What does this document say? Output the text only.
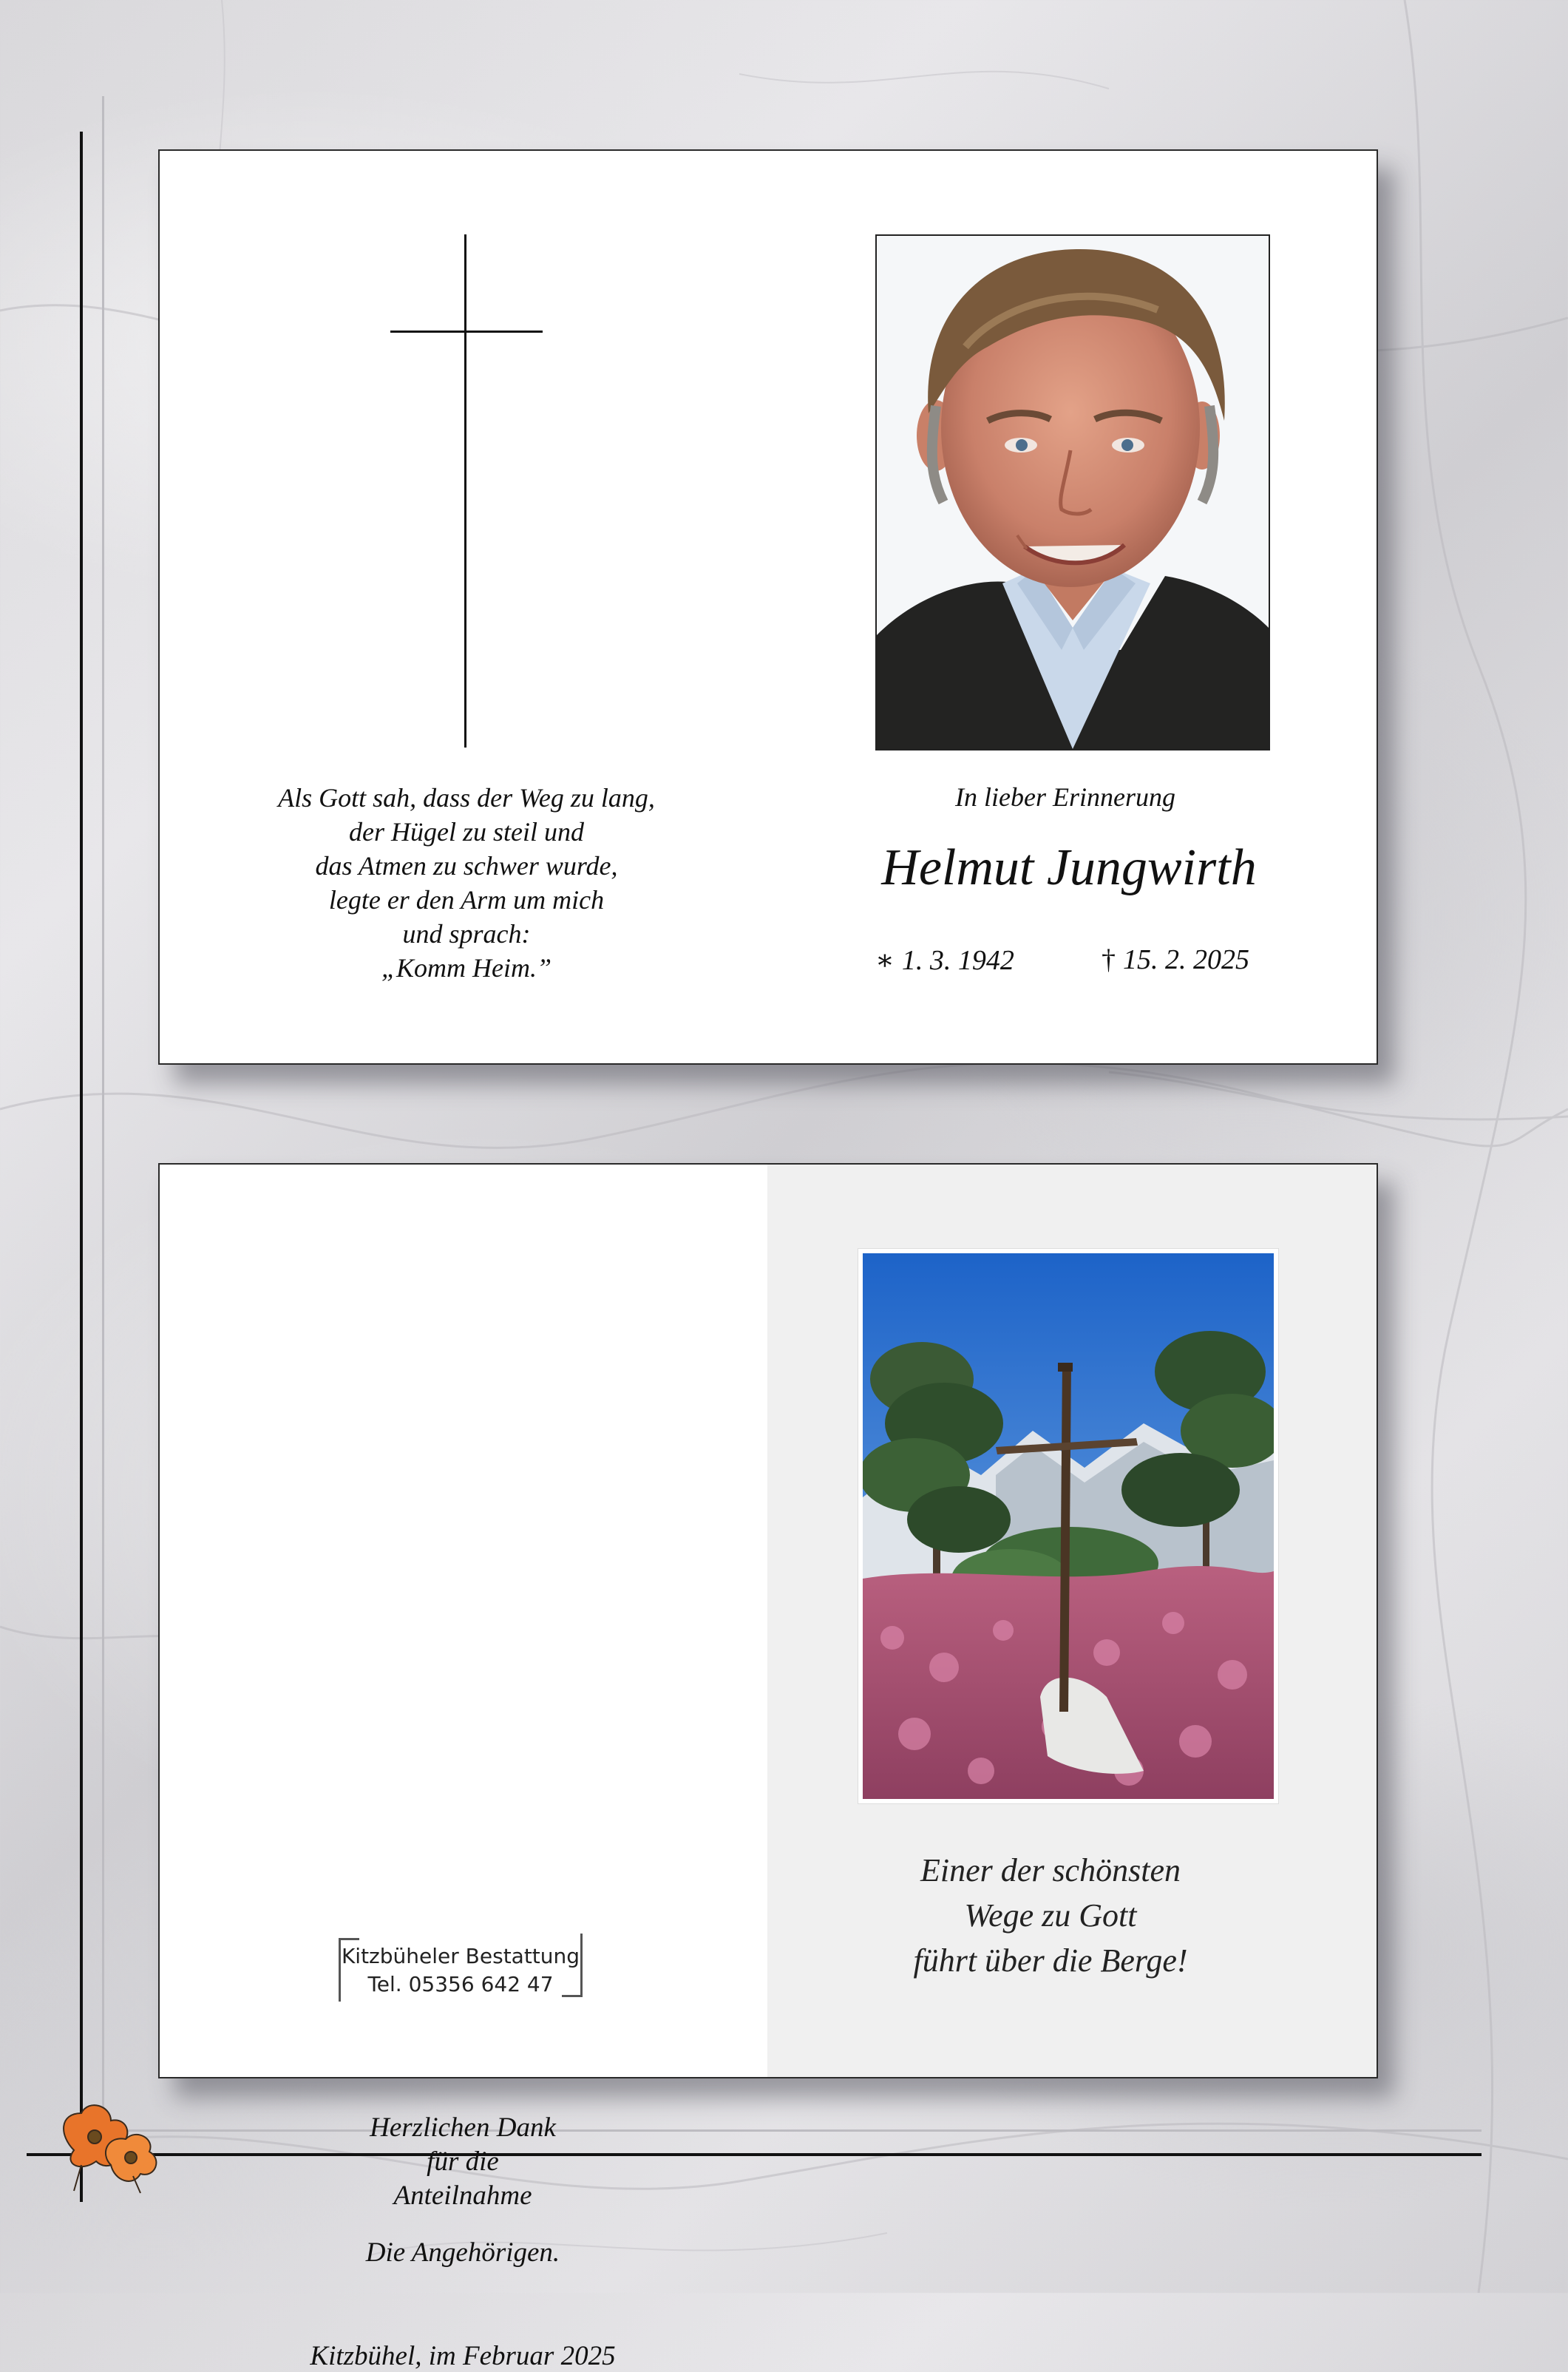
Als Gott sah, dass der Weg zu lang,
der Hügel zu steil und
das Atmen zu schwer wurde,
legte er den Arm um mich
und sprach:
„Komm Heim.”
In lieber Erinnerung
Helmut Jungwirth
∗ 1. 3. 1942	† 15. 2. 2025
Herzlichen Dank
für die
Anteilnahme
Die Angehörigen.
Kitzbühel, im Februar 2025
Kitzbüheler Bestattung
Tel. 05356 642 47
Einer der schönsten
Wege zu Gott
führt über die Berge!
